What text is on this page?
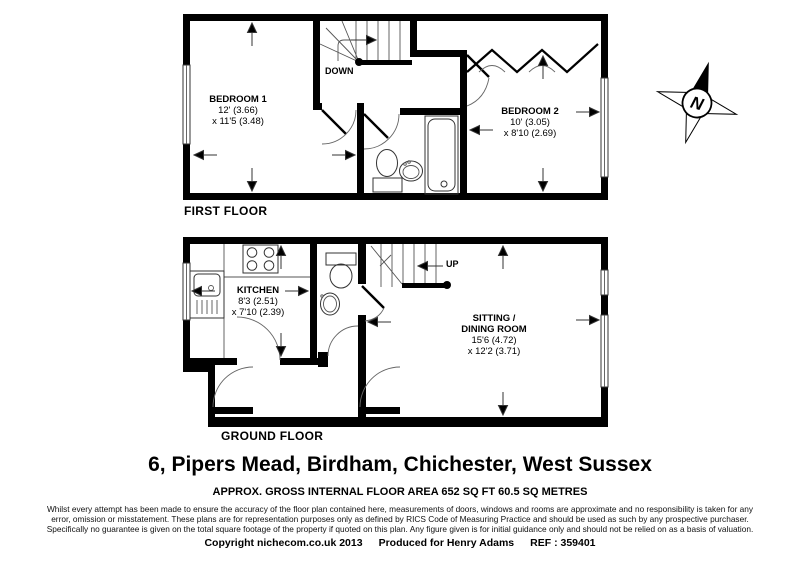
N
BEDROOM 1
12' (3.66)
x 11'5 (3.48)
BEDROOM 2
10' (3.05)
x 8'10 (2.69)
DOWN
FIRST FLOOR
KITCHEN
8'3 (2.51)
x 7'10 (2.39)
SITTING /
DINING ROOM
15'6 (4.72)
x 12'2 (3.71)
UP
GROUND FLOOR
6, Pipers Mead, Birdham, Chichester, West Sussex
APPROX. GROSS INTERNAL FLOOR AREA 652 SQ FT 60.5 SQ METRES
Whilst every attempt has been made to ensure the accuracy of the floor plan contained here, measurements of doors, windows and rooms are approximate and no responsibility is taken for any
error, omission or misstatement. These plans are for representation purposes only as defined by RICS Code of Measuring Practice and should be used as such by any prospective purchaser.
Specifically no guarantee is given on the total square footage of the property if quoted on this plan. Any figure given is for initial guidance only and should not be relied on as a basis of valuation.
Copyright nichecom.co.uk 2013 Produced for Henry Adams REF : 359401
